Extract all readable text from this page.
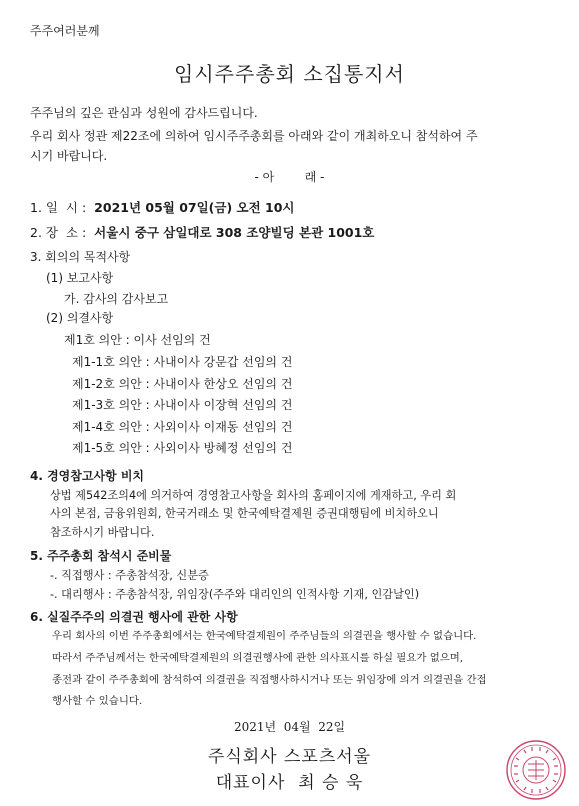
주주여러분께
임시주주총회 소집통지서
주주님의 깊은 관심과 성원에 감사드립니다.
우리 회사 정관 제22조에 의하여 임시주주총회를 아래와 같이 개최하오니 참석하여 주
시기 바랍니다.
- 아        래 -
1. 일  시 : 2021년 05월 07일(금) 오전 10시
2. 장  소 : 서울시 중구 삼일대로 308 조양빌딩 본관 1001호
3. 회의의 목적사항
(1) 보고사항
가. 감사의 감사보고
(2) 의결사항
제1호 의안 : 이사 선임의 건
제1-1호 의안 : 사내이사 강문갑 선임의 건
제1-2호 의안 : 사내이사 한상오 선임의 건
제1-3호 의안 : 사내이사 이장혁 선임의 건
제1-4호 의안 : 사외이사 이재동 선임의 건
제1-5호 의안 : 사외이사 방혜정 선임의 건
4. 경영참고사항 비치
상법 제542조의4에 의거하여 경영참고사항을 회사의 홈페이지에 게재하고, 우리 회
사의 본점, 금융위원회, 한국거래소 및 한국예탁결제원 증권대행팀에 비치하오니
참조하시기 바랍니다.
5. 주주총회 참석시 준비물
-. 직접행사 : 주총참석장, 신분증
-. 대리행사 : 주총참석장, 위임장(주주와 대리인의 인적사항 기재, 인감날인)
6. 실질주주의 의결권 행사에 관한 사항
우리 회사의 이번 주주총회에서는 한국예탁결제원이 주주님들의 의결권을 행사할 수 없습니다.
따라서 주주님께서는 한국예탁결제원의 의결권행사에 관한 의사표시를 하실 필요가 없으며,
종전과 같이 주주총회에 참석하여 의결권을 직접행사하시거나 또는 위임장에 의거 의결권을 간접
행사할 수 있습니다.
2021년  04월  22일
주식회사 스포츠서울
대표이사  최 승 욱
